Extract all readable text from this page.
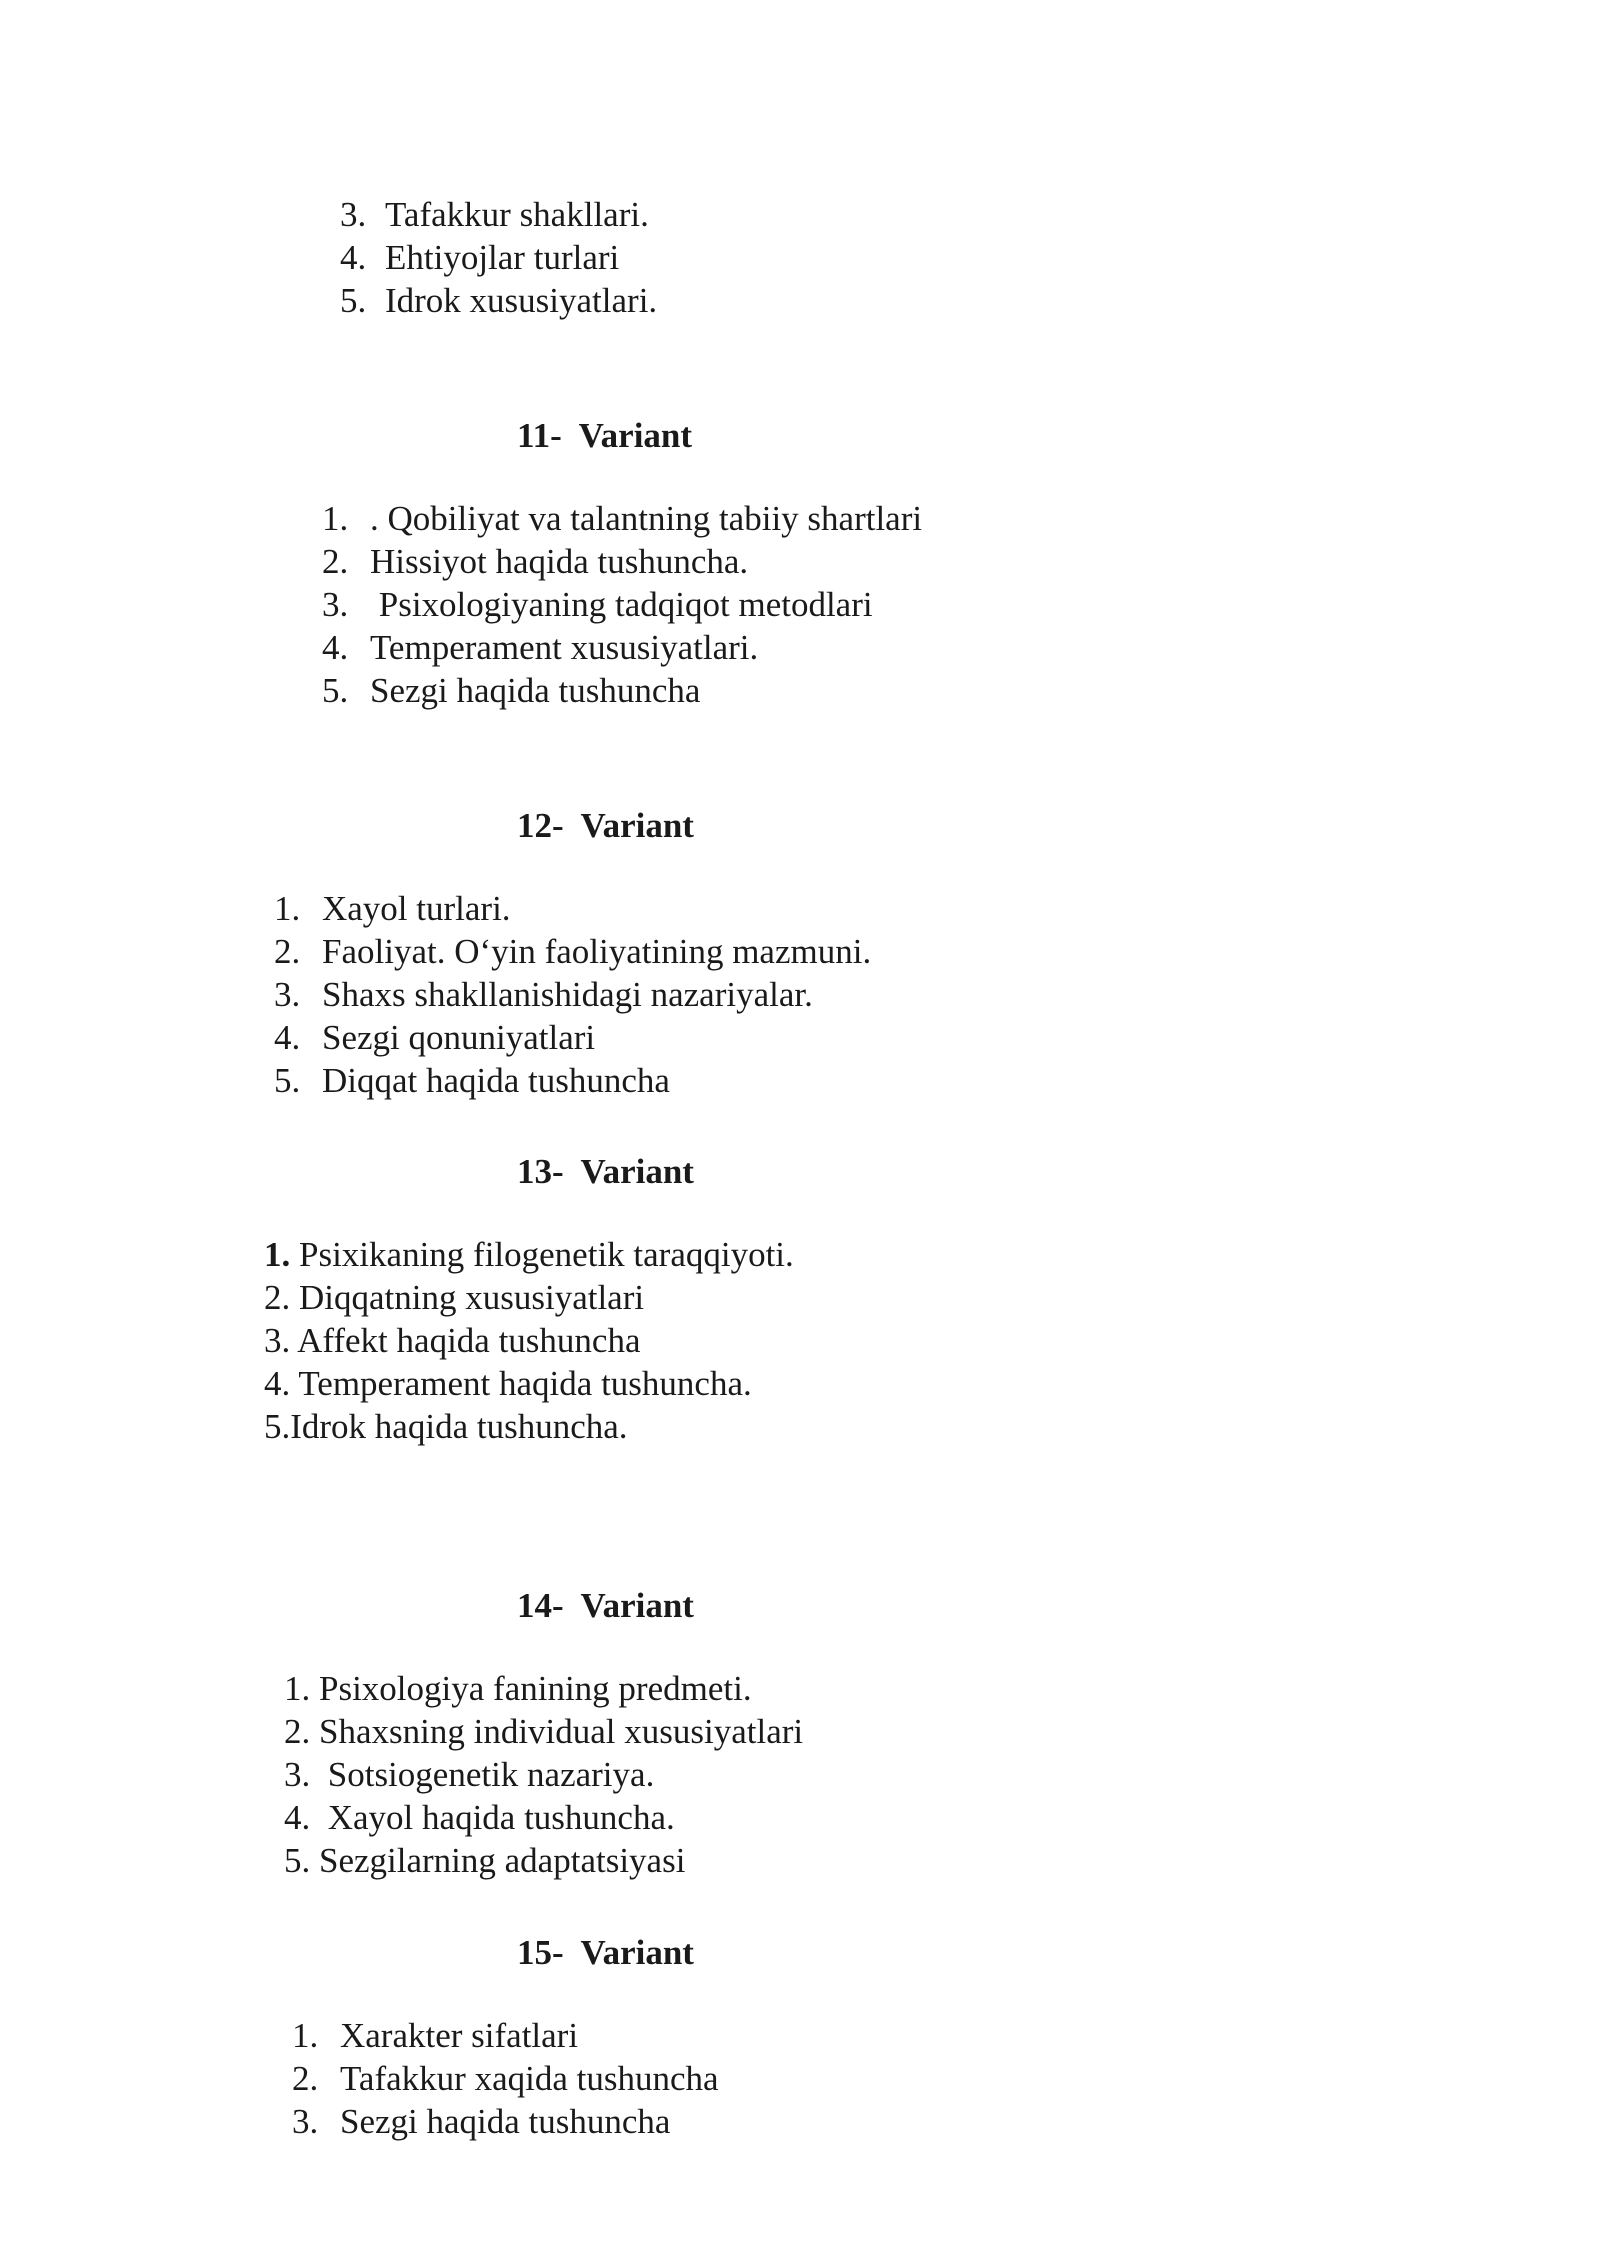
3. Tafakkur shakllari.

4. Ehtiyojlar turlari

5. Idrok xususiyatlari.

11-  Variant

1. . Qobiliyat va talantning tabiiy shartlari

2. Hissiyot haqida tushuncha.

3. Psixologiyaning tadqiqot metodlari

4. Temperament xususiyatlari.

5. Sezgi haqida tushuncha

12-  Variant

1. Xayol turlari.

2. Faoliyat. O‘yin faoliyatining mazmuni.

3. Shaxs shakllanishidagi nazariyalar.

4. Sezgi qonuniyatlari

5. Diqqat haqida tushuncha

13-  Variant

1. Psixikaning filogenetik taraqqiyoti.

2. Diqqatning xususiyatlari

3. Affekt haqida tushuncha

4. Temperament haqida tushuncha.

5.Idrok haqida tushuncha.

14-  Variant

1. Psixologiya fanining predmeti.

2. Shaxsning individual xususiyatlari

3.  Sotsiogenetik nazariya.

4.  Xayol haqida tushuncha.

5. Sezgilarning adaptatsiyasi

15-  Variant

1. Xarakter sifatlari

2. Tafakkur xaqida tushuncha

3. Sezgi haqida tushuncha
